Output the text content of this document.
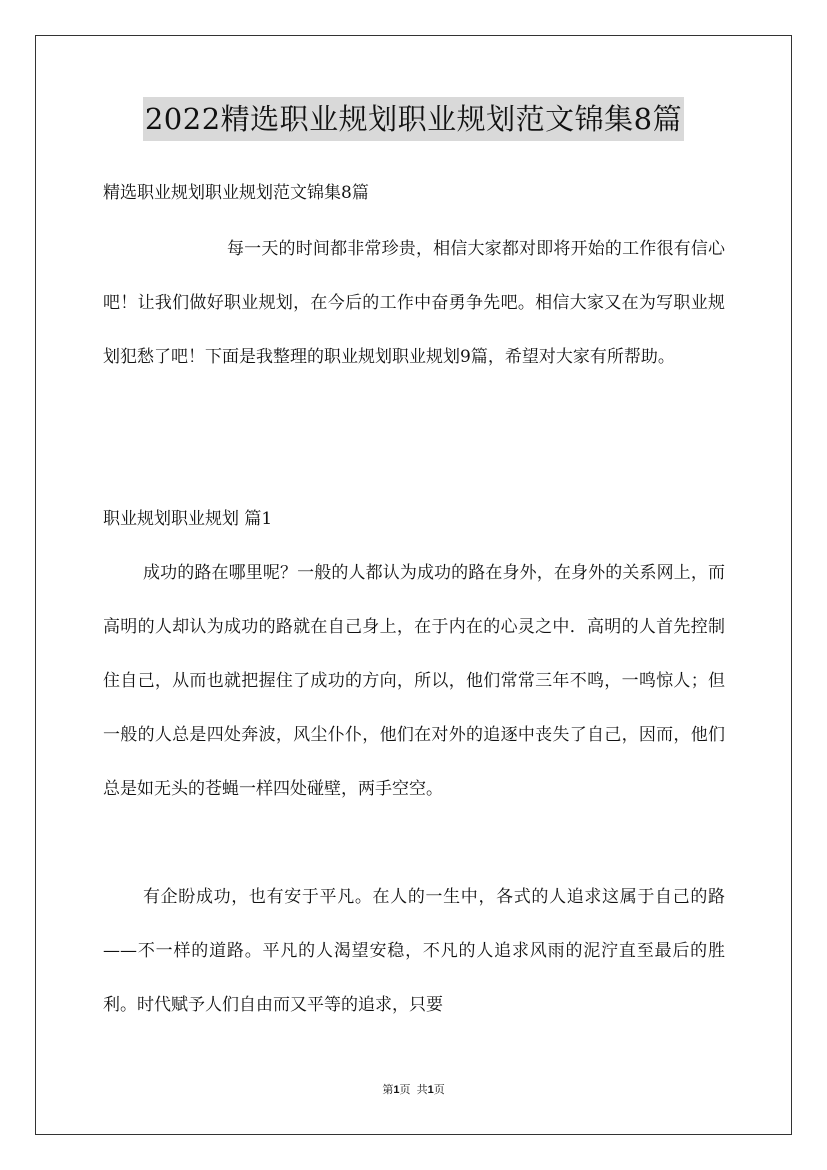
2022精选职业规划职业规划范文锦集8篇
精选职业规划职业规划范文锦集8篇

每一天的时间都非常珍贵，相信大家都对即将开始的工作很有信心吧！让我们做好职业规划，在今后的工作中奋勇争先吧。相信大家又在为写职业规划犯愁了吧！下面是我整理的职业规划职业规划9篇，希望对大家有所帮助。

职业规划职业规划 篇1

成功的路在哪里呢？一般的人都认为成功的路在身外，在身外的关系网上，而高明的人却认为成功的路就在自己身上，在于内在的心灵之中．高明的人首先控制住自己，从而也就把握住了成功的方向，所以，他们常常三年不鸣，一鸣惊人；但一般的人总是四处奔波，风尘仆仆，他们在对外的追逐中丧失了自己，因而，他们总是如无头的苍蝇一样四处碰壁，两手空空。

有企盼成功，也有安于平凡。在人的一生中，各式的人追求这属于自己的路——不一样的道路。平凡的人渴望安稳，不凡的人追求风雨的泥泞直至最后的胜利。时代赋予人们自由而又平等的追求，只要

第1页 共1页
